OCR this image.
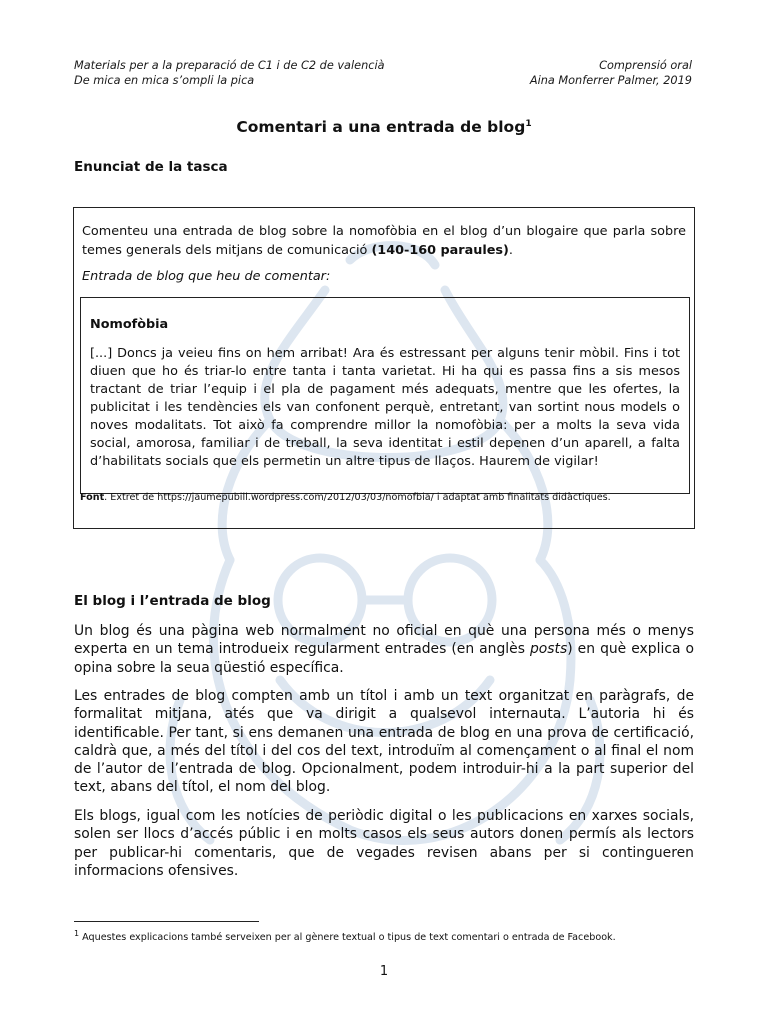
Materials per a la preparació de C1 i de C2 de valencià
De mica en mica s’ompli la pica
Comprensió oral
Aina Monferrer Palmer, 2019
Comentari a una entrada de blog$^1$
Enunciat de la tasca

Comenteu una entrada de blog sobre la nomofòbia en el blog d’un blogaire que parla sobre temes generals dels mitjans de comunicació (140-160 paraules).

Entrada de blog que heu de comentar:
Nomofòbia

[...] Doncs ja veieu fins on hem arribat! Ara és estressant per alguns tenir mòbil. Fins i tot diuen que ho és triar-lo entre tanta i tanta varietat. Hi ha qui es passa fins a sis mesos tractant de triar l’equip i el pla de pagament més adequats, mentre que les ofertes, la publicitat i les tendències els van confonent perquè, entretant, van sortint nous models o noves modalitats. Tot això fa comprendre millor la nomofòbia: per a molts la seva vida social, amorosa, familiar i de treball, la seva identitat i estil depenen d’un aparell, a falta d’habilitats socials que els permetin un altre tipus de llaços. Haurem de vigilar!

Font. Extret de https://jaumepubill.wordpress.com/2012/03/03/nomofbia/ i adaptat amb finalitats didàctiques.

El blog i l’entrada de blog

Un blog és una pàgina web normalment no oficial en què una persona més o menys experta en un tema introdueix regularment entrades (en anglès posts) en què explica o opina sobre la seua qüestió específica.

Les entrades de blog compten amb un títol i amb un text organitzat en paràgrafs, de formalitat mitjana, atés que va dirigit a qualsevol internauta. L’autoria hi és identificable. Per tant, si ens demanen una entrada de blog en una prova de certificació, caldrà que, a més del títol i del cos del text, introduïm al començament o al final el nom de l’autor de l’entrada de blog. Opcionalment, podem introduir-hi a la part superior del text, abans del títol, el nom del blog.

Els blogs, igual com les notícies de periòdic digital o les publicacions en xarxes socials, solen ser llocs d’accés públic i en molts casos els seus autors donen permís als lectors per publicar-hi comentaris, que de vegades revisen abans per si contingueren informacions ofensives.

$^1$ Aquestes explicacions també serveixen per al gènere textual o tipus de text comentari o entrada de Facebook.

1
